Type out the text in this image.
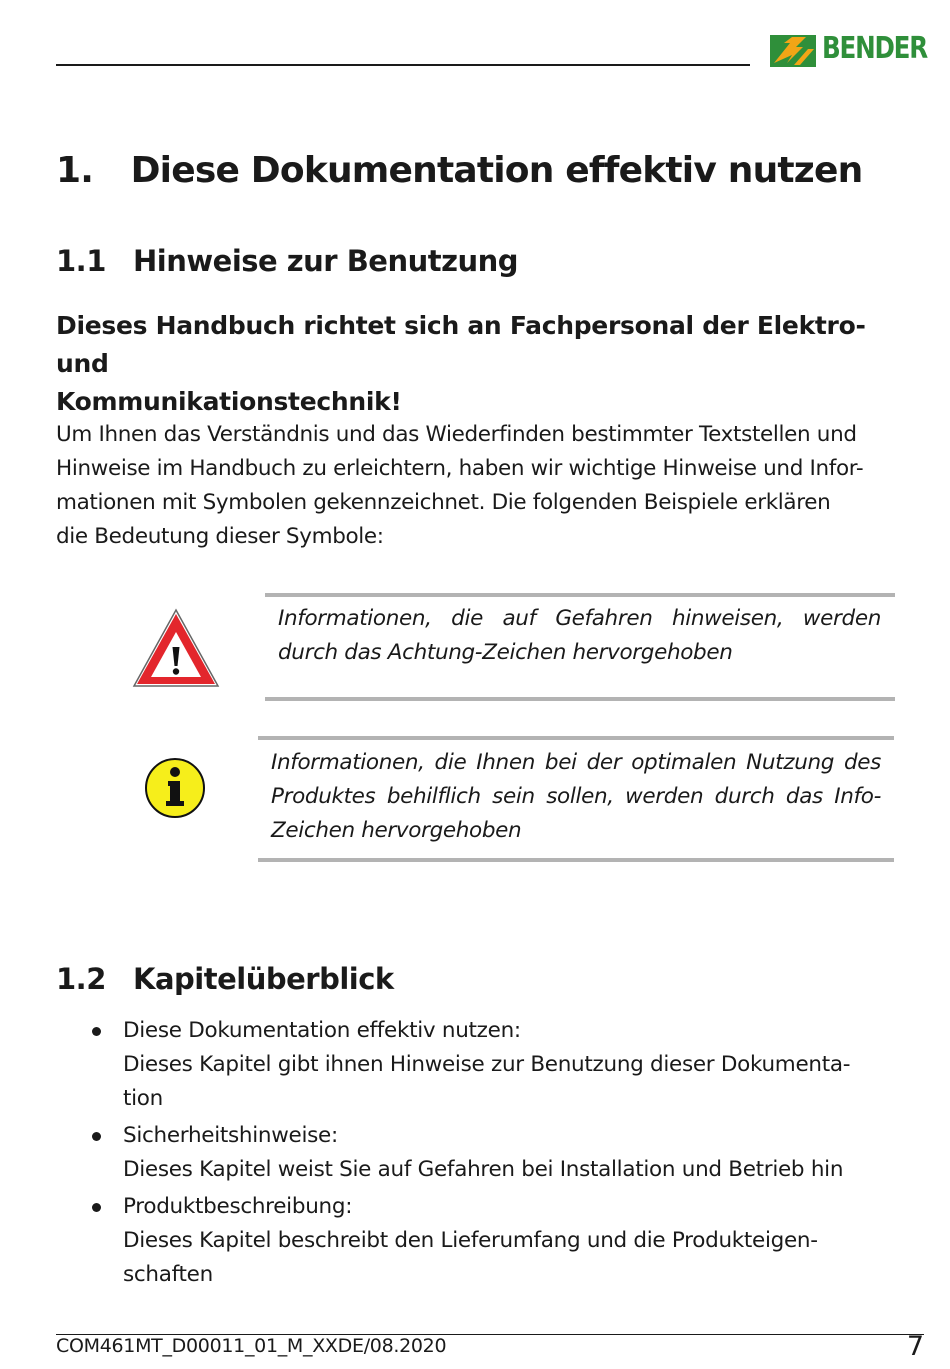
BENDER
1. Diese Dokumentation effektiv nutzen
1.1 Hinweise zur Benutzung
Dieses Handbuch richtet sich an Fachpersonal der Elektro- und
Kommunikationstechnik!
Um Ihnen das Verständnis und das Wiederfinden bestimmter Textstellen und
Hinweise im Handbuch zu erleichtern, haben wir wichtige Hinweise und Infor-
mationen mit Symbolen gekennzeichnet. Die folgenden Beispiele erklären
die Bedeutung dieser Symbole:
Informationen, die auf Gefahren hinweisen, werden
durch das Achtung-Zeichen hervorgehoben
Informationen, die Ihnen bei der optimalen Nutzung des
Produktes behilflich sein sollen, werden durch das Info-
Zeichen hervorgehoben
1.2 Kapitelüberblick
Diese Dokumentation effektiv nutzen:
Dieses Kapitel gibt ihnen Hinweise zur Benutzung dieser Dokumenta-
tion
Sicherheitshinweise:
Dieses Kapitel weist Sie auf Gefahren bei Installation und Betrieb hin
Produktbeschreibung:
Dieses Kapitel beschreibt den Lieferumfang und die Produkteigen-
schaften
COM461MT_D00011_01_M_XXDE/08.2020	7
